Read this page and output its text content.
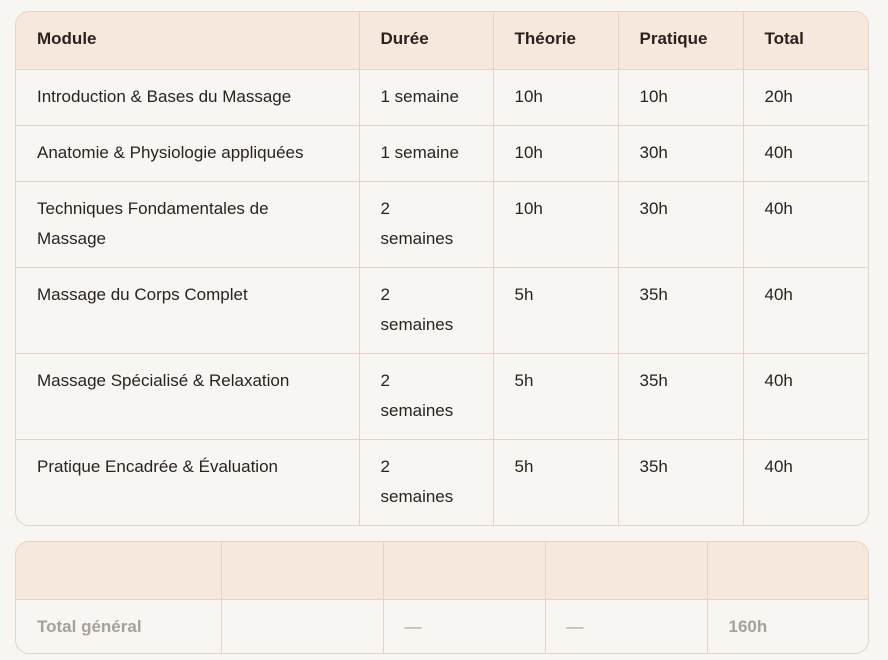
Module	Durée	Théorie	Pratique	Total
Introduction & Bases du Massage	1 semaine	10h	10h	20h
Anatomie & Physiologie appliquées	1 semaine	10h	30h	40h
Techniques Fondamentales de Massage	2 semaines	10h	30h	40h
Massage du Corps Complet	2 semaines	5h	35h	40h
Massage Spécialisé & Relaxation	2 semaines	5h	35h	40h
Pratique Encadrée & Évaluation	2 semaines	5h	35h	40h

Total général		—	—	160h
